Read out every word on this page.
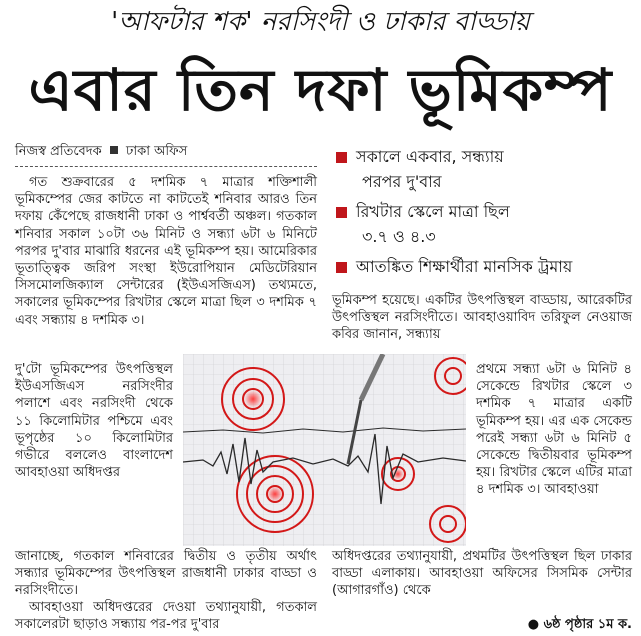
'আফটার শক' নরসিংদী ও ঢাকার বাড্ডায়
এবার তিন দফা ভূমিকম্প
নিজস্ব প্রতিবেদক ঢাকা অফিস	সকালে একবার, সন্ধ্যায়
পরপর দু'বার
রিখটার স্কেলে মাত্রা ছিল
৩.৭ ও ৪.৩
আতঙ্কিত শিক্ষার্থীরা মানসিক ট্রমায়

গত শুক্রবারের ৫ দশমিক ৭ মাত্রার শক্তিশালী ভূমিকম্পের জের কাটতে না কাটতেই শনিবার আরও তিন দফায় কেঁপেছে রাজধানী ঢাকা ও পার্শ্ববর্তী অঞ্চল। গতকাল শনিবার সকাল ১০টা ৩৬ মিনিট ও সন্ধ্যা ৬টা ৬ মিনিটে পরপর দু'বার মাঝারি ধরনের এই ভূমিকম্প হয়। আমেরিকার ভূতাত্ত্বিক জরিপ সংস্থা ইউরোপিয়ান মেডিটেরিয়ান সিসমোলজিক্যাল সেন্টারের (ইউএসজিএস) তথ্যমতে, সকালের ভূমিকম্পের রিখটার স্কেলে মাত্রা ছিল ৩ দশমিক ৭ এবং সন্ধ্যায় ৪ দশমিক ৩।

দু'টো ভূমিকম্পের উৎপত্তিস্থল ইউএসজিএস নরসিংদীর পলাশে এবং নরসিংদী থেকে ১১ কিলোমিটার পশ্চিমে এবং ভূপৃষ্ঠের ১০ কিলোমিটার গভীরে বললেও বাংলাদেশ আবহাওয়া অধিদপ্তর

ভূমিকম্প হয়েছে। একটির উৎপত্তিস্থল বাড্ডায়, আরেকটির উৎপত্তিস্থল নরসিংদীতে। আবহাওয়াবিদ তরিফুল নেওয়াজ কবির জানান, সন্ধ্যায়

প্রথমে সন্ধ্যা ৬টা ৬ মিনিট ৪ সেকেন্ডে রিখটার স্কেলে ৩ দশমিক ৭ মাত্রার একটি ভূমিকম্প হয়। এর এক সেকেন্ড পরেই সন্ধ্যা ৬টা ৬ মিনিট ৫ সেকেন্ডে দ্বিতীয়বার ভূমিকম্প হয়। রিখটার স্কেলে এটির মাত্রা ৪ দশমিক ৩। আবহাওয়া

জানাচ্ছে, গতকাল শনিবারের দ্বিতীয় ও তৃতীয় অর্থাৎ সন্ধ্যার ভূমিকম্পের উৎপত্তিস্থল রাজধানী ঢাকার বাড্ডা ও নরসিংদীতে।

অধিদপ্তরের তথ্যানুযায়ী, প্রথমটির উৎপত্তিস্থল ছিল ঢাকার বাড্ডা এলাকায়। আবহাওয়া অফিসের সিসমিক সেন্টার (আগারগাঁও) থেকে

আবহাওয়া অধিদপ্তরের দেওয়া তথ্যানুযায়ী, গতকাল সকালেরটা ছাড়াও সন্ধ্যায় পর-পর দু'বার	● ৬ষ্ঠ পৃষ্ঠার ১ম ক.
